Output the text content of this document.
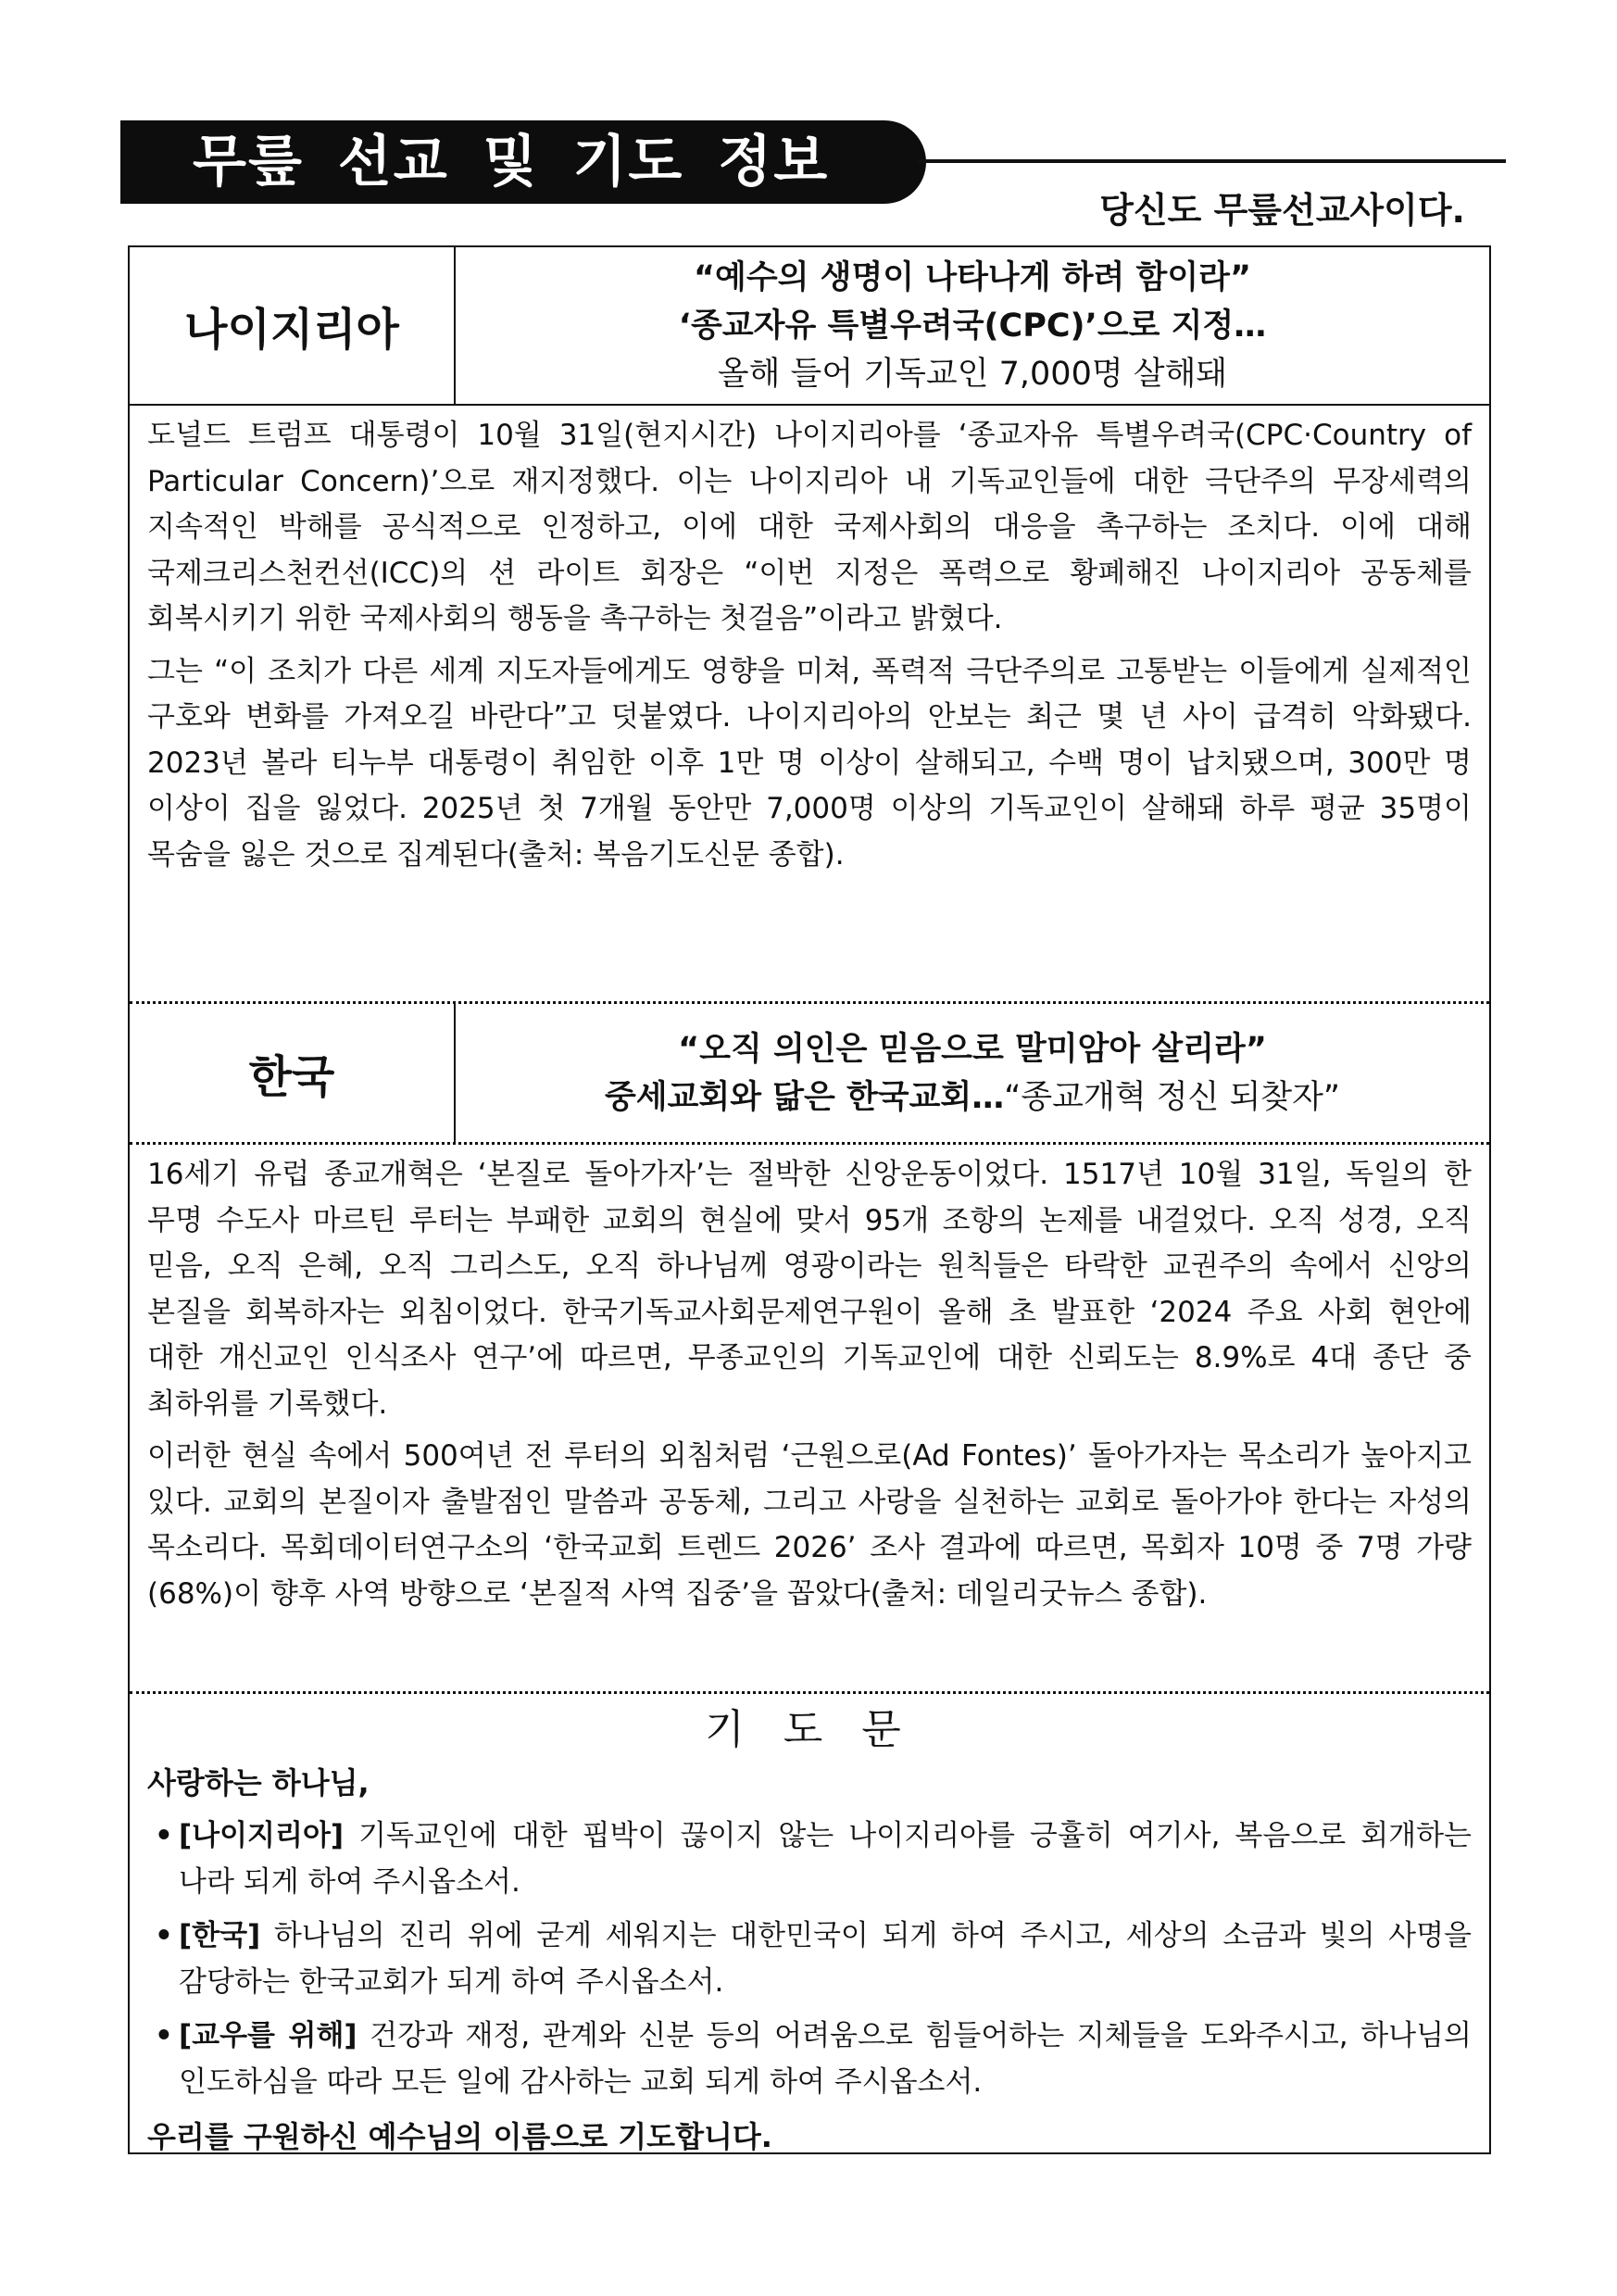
무릎 선교 및 기도 정보
당신도 무릎선교사이다.
나이지리아
“예수의 생명이 나타나게 하려 함이라”
‘종교자유 특별우려국(CPC)’으로 지정…
올해 들어 기독교인 7,000명 살해돼

도널드 트럼프 대통령이 10월 31일(현지시간) 나이지리아를 ‘종교자유 특별우려국(CPC·Country of Particular Concern)’으로 재지정했다. 이는 나이지리아 내 기독교인들에 대한 극단주의 무장세력의 지속적인 박해를 공식적으로 인정하고, 이에 대한 국제사회의 대응을 촉구하는 조치다. 이에 대해 국제크리스천컨선(ICC)의 션 라이트 회장은 “이번 지정은 폭력으로 황폐해진 나이지리아 공동체를 회복시키기 위한 국제사회의 행동을 촉구하는 첫걸음”이라고 밝혔다.

그는 “이 조치가 다른 세계 지도자들에게도 영향을 미쳐, 폭력적 극단주의로 고통받는 이들에게 실제적인 구호와 변화를 가져오길 바란다”고 덧붙였다. 나이지리아의 안보는 최근 몇 년 사이 급격히 악화됐다. 2023년 볼라 티누부 대통령이 취임한 이후 1만 명 이상이 살해되고, 수백 명이 납치됐으며, 300만 명 이상이 집을 잃었다. 2025년 첫 7개월 동안만 7,000명 이상의 기독교인이 살해돼 하루 평균 35명이 목숨을 잃은 것으로 집계된다(출처: 복음기도신문 종합).

한국
“오직 의인은 믿음으로 말미암아 살리라”
중세교회와 닮은 한국교회…“종교개혁 정신 되찾자”

16세기 유럽 종교개혁은 ‘본질로 돌아가자’는 절박한 신앙운동이었다. 1517년 10월 31일, 독일의 한 무명 수도사 마르틴 루터는 부패한 교회의 현실에 맞서 95개 조항의 논제를 내걸었다. 오직 성경, 오직 믿음, 오직 은혜, 오직 그리스도, 오직 하나님께 영광이라는 원칙들은 타락한 교권주의 속에서 신앙의 본질을 회복하자는 외침이었다. 한국기독교사회문제연구원이 올해 초 발표한 ‘2024 주요 사회 현안에 대한 개신교인 인식조사 연구’에 따르면, 무종교인의 기독교인에 대한 신뢰도는 8.9%로 4대 종단 중 최하위를 기록했다.

이러한 현실 속에서 500여년 전 루터의 외침처럼 ‘근원으로(Ad Fontes)’ 돌아가자는 목소리가 높아지고 있다. 교회의 본질이자 출발점인 말씀과 공동체, 그리고 사랑을 실천하는 교회로 돌아가야 한다는 자성의 목소리다. 목회데이터연구소의 ‘한국교회 트렌드 2026’ 조사 결과에 따르면, 목회자 10명 중 7명 가량(68%)이 향후 사역 방향으로 ‘본질적 사역 집중’을 꼽았다(출처: 데일리굿뉴스 종합).

기 도 문
사랑하는 하나님,
• [나이지리아] 기독교인에 대한 핍박이 끊이지 않는 나이지리아를 긍휼히 여기사, 복음으로 회개하는 나라 되게 하여 주시옵소서.
• [한국] 하나님의 진리 위에 굳게 세워지는 대한민국이 되게 하여 주시고, 세상의 소금과 빛의 사명을 감당하는 한국교회가 되게 하여 주시옵소서.
• [교우를 위해] 건강과 재정, 관계와 신분 등의 어려움으로 힘들어하는 지체들을 도와주시고, 하나님의 인도하심을 따라 모든 일에 감사하는 교회 되게 하여 주시옵소서.
우리를 구원하신 예수님의 이름으로 기도합니다.
